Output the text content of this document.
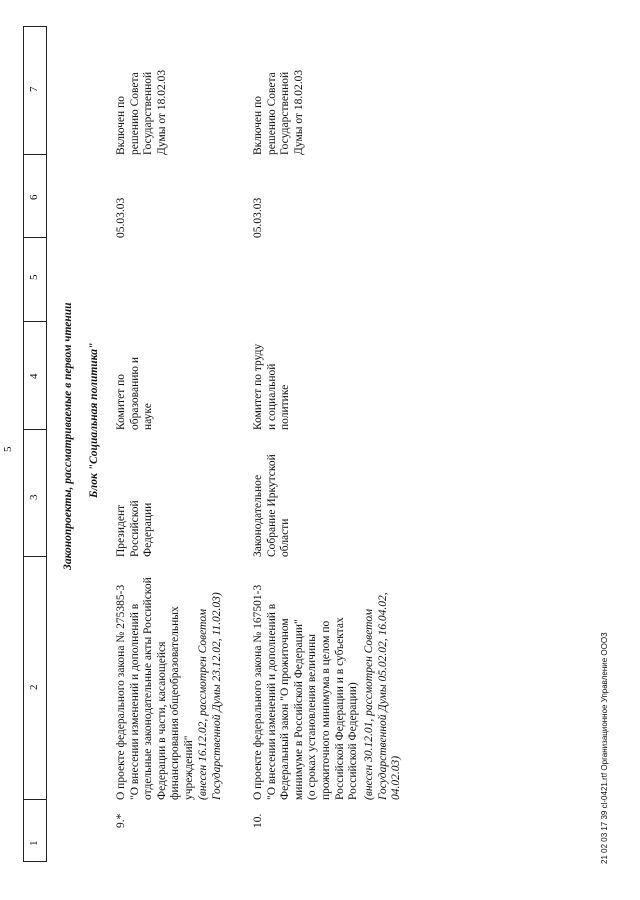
5
1
2
3
4
5
6
7
Законопроекты, рассматриваемые в первом чтении Блок "Социальная политика"
9.*
О проекте федерального закона № 275385-3
"О внесении изменений и дополнений в
отдельные законодательные акты Российской
Федерации в части, касающейся
финансирования общеобразовательных
учреждений" (внесен 16.12.02, рассмотрен Советом
Государственной Думы 23.12.02, 11.02.03)
Президент
Российской
Федерации
Комитет по
образованию и
науке
05.03.03
Включен по
решению Совета
Государственной
Думы от 18.02.03
10.
О проекте федерального закона № 167501-3
"О внесении изменений и дополнений в
Федеральный закон "О прожиточном
минимуме в Российской Федерации"
(о сроках установления величины
прожиточного минимума в целом по
Российской Федерации и в субъектах
Российской Федерации)
(внесен 30.12.01, рассмотрен Советом
Государственной Думы 05.02.02, 16.04.02,
04.02.03)
Законодательное
Собрание Иркутской
области
Комитет по труду
и социальной
политике
05.03.03
Включен по
решению Совета
Государственной
Думы от 18.02.03
21 02 03 17 39 cl-0421.rtf Организационное Управление ООО3
